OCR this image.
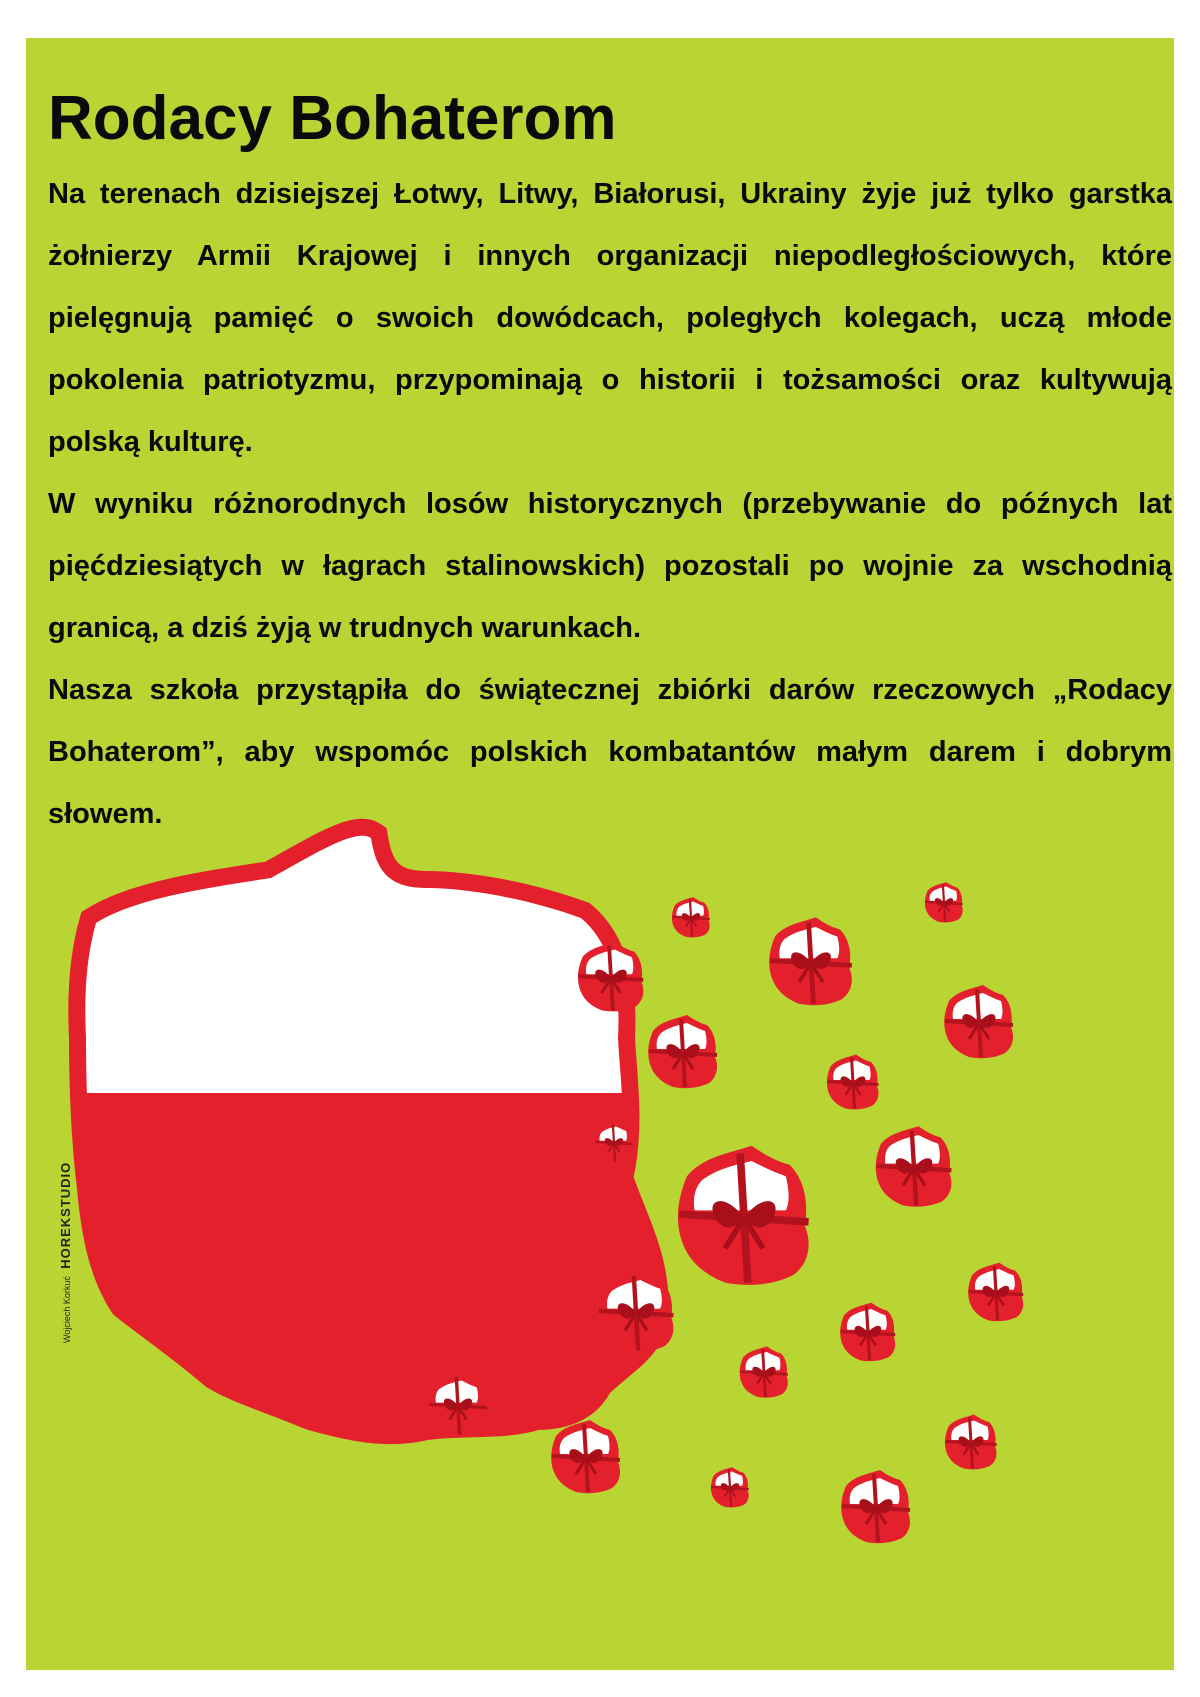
Rodacy Bohaterom

Na terenach dzisiejszej Łotwy, Litwy, Białorusi, Ukrainy żyje już tylko garstka żołnierzy Armii Krajowej i innych organizacji niepodległościowych, które pielęgnują pamięć o swoich dowódcach, poległych kolegach, uczą młode pokolenia patriotyzmu, przypominają o historii i tożsamości oraz kultywują polską kulturę.

W wyniku różnorodnych losów historycznych (przebywanie do późnych lat pięćdziesiątych w łagrach stalinowskich) pozostali po wojnie za wschodnią granicą, a dziś żyją w trudnych warunkach.

Nasza szkoła przystąpiła do świątecznej zbiórki darów rzeczowych „Rodacy Bohaterom”, aby wspomóc polskich kombatantów małym darem i dobrym słowem.

Wojciech Korkuć HOREKSTUDIO
